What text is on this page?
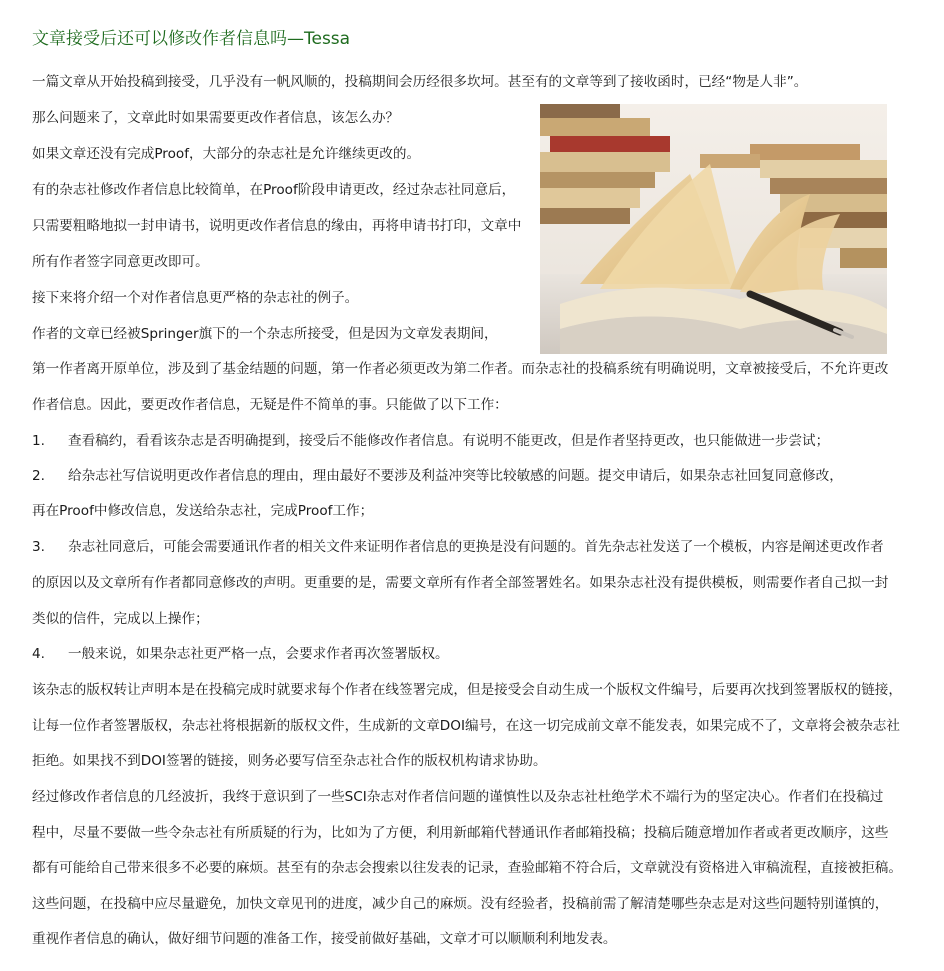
文章接受后还可以修改作者信息吗—Tessa

一篇文章从开始投稿到接受，几乎没有一帆风顺的，投稿期间会历经很多坎坷。甚至有的文章等到了接收函时，已经“物是人非”。

那么问题来了，文章此时如果需要更改作者信息，该怎么办？

如果文章还没有完成Proof，大部分的杂志社是允许继续更改的。

有的杂志社修改作者信息比较简单，在Proof阶段申请更改，经过杂志社同意后，

只需要粗略地拟一封申请书，说明更改作者信息的缘由，再将申请书打印，文章中

所有作者签字同意更改即可。

接下来将介绍一个对作者信息更严格的杂志社的例子。

作者的文章已经被Springer旗下的一个杂志所接受，但是因为文章发表期间，

第一作者离开原单位，涉及到了基金结题的问题，第一作者必须更改为第二作者。而杂志社的投稿系统有明确说明，文章被接受后，不允许更改

作者信息。因此，要更改作者信息，无疑是件不简单的事。只能做了以下工作：

1. 查看稿约，看看该杂志是否明确提到，接受后不能修改作者信息。有说明不能更改，但是作者坚持更改，也只能做进一步尝试；

2. 给杂志社写信说明更改作者信息的理由，理由最好不要涉及利益冲突等比较敏感的问题。提交申请后，如果杂志社回复同意修改，

再在Proof中修改信息，发送给杂志社，完成Proof工作；

3. 杂志社同意后，可能会需要通讯作者的相关文件来证明作者信息的更换是没有问题的。首先杂志社发送了一个模板，内容是阐述更改作者

的原因以及文章所有作者都同意修改的声明。更重要的是，需要文章所有作者全部签署姓名。如果杂志社没有提供模板，则需要作者自己拟一封

类似的信件，完成以上操作；

4. 一般来说，如果杂志社更严格一点，会要求作者再次签署版权。

该杂志的版权转让声明本是在投稿完成时就要求每个作者在线签署完成，但是接受会自动生成一个版权文件编号，后要再次找到签署版权的链接，

让每一位作者签署版权，杂志社将根据新的版权文件，生成新的文章DOI编号，在这一切完成前文章不能发表，如果完成不了，文章将会被杂志社

拒绝。如果找不到DOI签署的链接，则务必要写信至杂志社合作的版权机构请求协助。

经过修改作者信息的几经波折，我终于意识到了一些SCI杂志对作者信问题的谨慎性以及杂志社杜绝学术不端行为的坚定决心。作者们在投稿过

程中，尽量不要做一些令杂志社有所质疑的行为，比如为了方便，利用新邮箱代替通讯作者邮箱投稿；投稿后随意增加作者或者更改顺序，这些

都有可能给自己带来很多不必要的麻烦。甚至有的杂志会搜索以往发表的记录，查验邮箱不符合后，文章就没有资格进入审稿流程，直接被拒稿。

这些问题，在投稿中应尽量避免，加快文章见刊的进度，减少自己的麻烦。没有经验者，投稿前需了解清楚哪些杂志是对这些问题特别谨慎的，

重视作者信息的确认，做好细节问题的准备工作，接受前做好基础，文章才可以顺顺利利地发表。
